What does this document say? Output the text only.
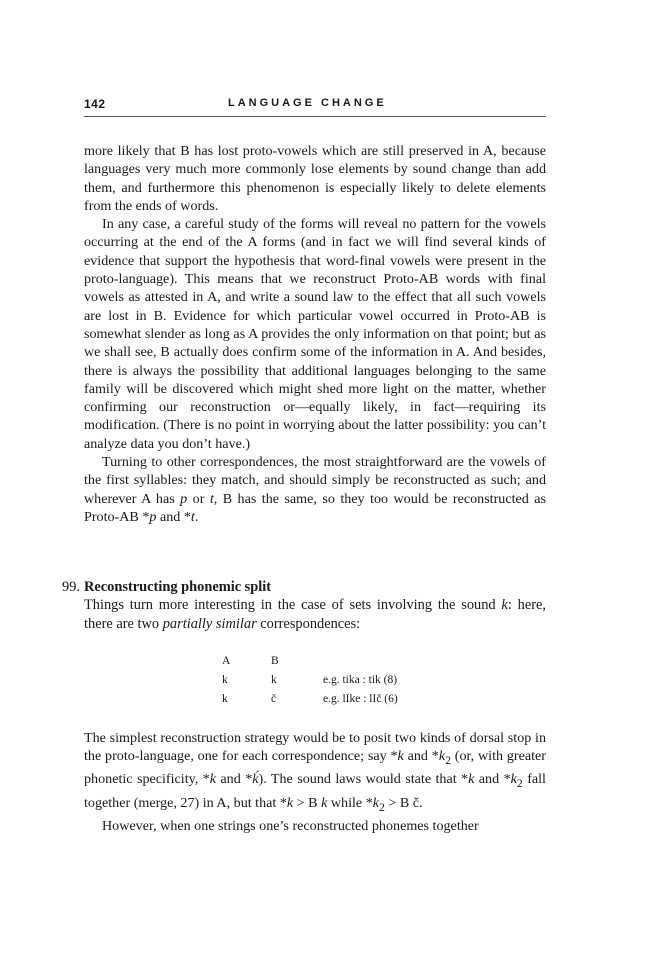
142	LANGUAGE CHANGE

more likely that B has lost proto-vowels which are still preserved in A, because languages very much more commonly lose elements by sound change than add them, and furthermore this phenomenon is especially likely to delete elements from the ends of words.

In any case, a careful study of the forms will reveal no pattern for the vowels occurring at the end of the A forms (and in fact we will find several kinds of evidence that support the hypothesis that word-final vowels were present in the proto-language). This means that we reconstruct Proto-AB words with final vowels as attested in A, and write a sound law to the effect that all such vowels are lost in B. Evidence for which particular vowel occurred in Proto-AB is somewhat slender as long as A provides the only information on that point; but as we shall see, B actually does confirm some of the information in A. And besides, there is always the possibility that additional languages belonging to the same family will be discovered which might shed more light on the matter, whether confirming our reconstruction or—equally likely, in fact—requiring its modification. (There is no point in worrying about the latter possibility: you can’t analyze data you don’t have.)

Turning to other correspondences, the most straightforward are the vowels of the first syllables: they match, and should simply be reconstructed as such; and wherever A has p or t, B has the same, so they too would be reconstructed as Proto-AB *p and *t.

99. Reconstructing phonemic split

Things turn more interesting in the case of sets involving the sound k: here, there are two partially similar correspondences:

A	B
k	k	e.g. tika : tik (8)
k	č	e.g. lIke : lIč (6)

The simplest reconstruction strategy would be to posit two kinds of dorsal stop in the proto-language, one for each correspondence; say *k and $*k_2$ (or, with greater phonetic specificity, *k and *ḱ). The sound laws would state that *k and $*k_2$ fall together (merge, 27) in A, but that *k > B k while $*k_2 > B$ č.

However, when one strings one’s reconstructed phonemes together
